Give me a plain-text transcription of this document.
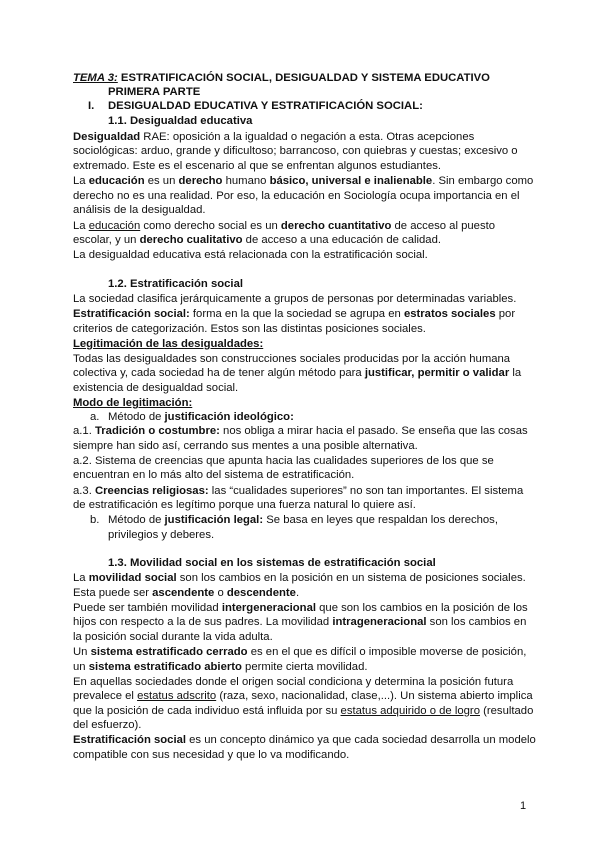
TEMA 3: ESTRATIFICACIÓN SOCIAL, DESIGUALDAD Y SISTEMA EDUCATIVO
PRIMERA PARTE
I. DESIGUALDAD EDUCATIVA Y ESTRATIFICACIÓN SOCIAL:
1.1. Desigualdad educativa
Desigualdad RAE: oposición a la igualdad o negación a esta. Otras acepciones
sociológicas: arduo, grande y dificultoso; barrancoso, con quiebras y cuestas; excesivo o
extremado. Este es el escenario al que se enfrentan algunos estudiantes.
La educación es un derecho humano básico, universal e inalienable. Sin embargo como
derecho no es una realidad. Por eso, la educación en Sociología ocupa importancia en el
análisis de la desigualdad.
La educación como derecho social es un derecho cuantitativo de acceso al puesto
escolar, y un derecho cualitativo de acceso a una educación de calidad.
La desigualdad educativa está relacionada con la estratificación social.
1.2. Estratificación social
La sociedad clasifica jerárquicamente a grupos de personas por determinadas variables.
Estratificación social: forma en la que la sociedad se agrupa en estratos sociales por
criterios de categorización. Estos son las distintas posiciones sociales.
Legitimación de las desigualdades:
Todas las desigualdades son construcciones sociales producidas por la acción humana
colectiva y, cada sociedad ha de tener algún método para justificar, permitir o validar la
existencia de desigualdad social.
Modo de legitimación:
a. Método de justificación ideológico:
a.1. Tradición o costumbre: nos obliga a mirar hacia el pasado. Se enseña que las cosas
siempre han sido así, cerrando sus mentes a una posible alternativa.
a.2. Sistema de creencias que apunta hacia las cualidades superiores de los que se
encuentran en lo más alto del sistema de estratificación.
a.3. Creencias religiosas: las “cualidades superiores” no son tan importantes. El sistema
de estratificación es legítimo porque una fuerza natural lo quiere así.
b. Método de justificación legal: Se basa en leyes que respaldan los derechos,
privilegios y deberes.
1.3. Movilidad social en los sistemas de estratificación social
La movilidad social son los cambios en la posición en un sistema de posiciones sociales.
Esta puede ser ascendente o descendente.
Puede ser también movilidad intergeneracional que son los cambios en la posición de los
hijos con respecto a la de sus padres. La movilidad intrageneracional son los cambios en
la posición social durante la vida adulta.
Un sistema estratificado cerrado es en el que es difícil o imposible moverse de posición,
un sistema estratificado abierto permite cierta movilidad.
En aquellas sociedades donde el origen social condiciona y determina la posición futura
prevalece el estatus adscrito (raza, sexo, nacionalidad, clase,...). Un sistema abierto implica
que la posición de cada individuo está influida por su estatus adquirido o de logro (resultado
del esfuerzo).
Estratificación social es un concepto dinámico ya que cada sociedad desarrolla un modelo
compatible con sus necesidad y que lo va modificando.
1
